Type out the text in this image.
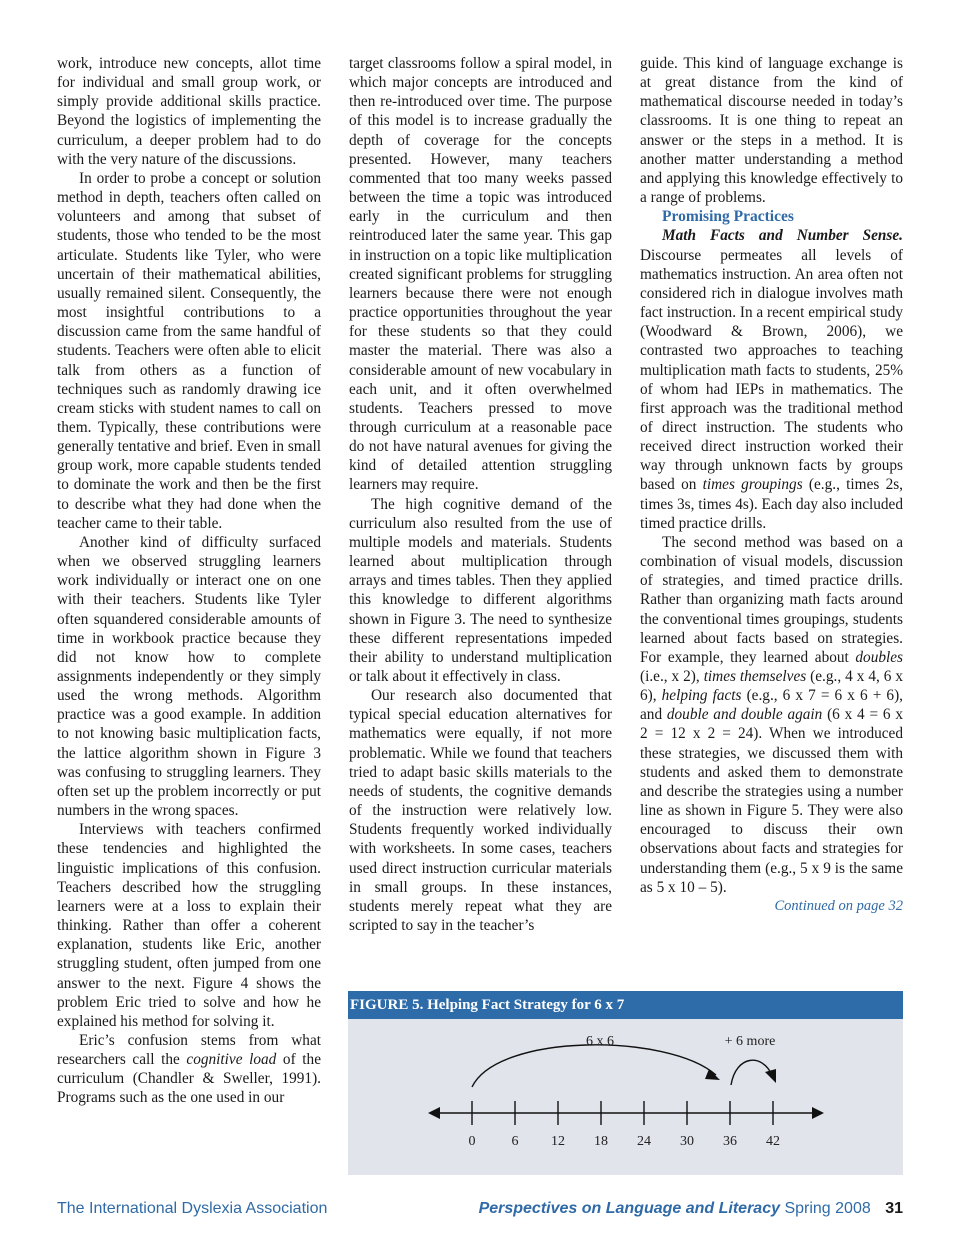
work, introduce new concepts, allot time for individual and small group work, or simply provide additional skills practice. Beyond the logistics of implementing the curriculum, a deeper problem had to do with the very nature of the discussions.

In order to probe a concept or solution method in depth, teachers often called on volunteers and among that subset of students, those who tended to be the most articulate. Students like Tyler, who were uncertain of their mathematical abilities, usually remained silent. Consequently, the most insightful contributions to a discussion came from the same handful of students. Teachers were often able to elicit talk from others as a function of techniques such as randomly drawing ice cream sticks with student names to call on them. Typically, these contributions were generally tentative and brief. Even in small group work, more capable students tended to dominate the work and then be the first to describe what they had done when the teacher came to their table.

Another kind of difficulty surfaced when we observed struggling learners work individually or interact one on one with their teachers. Students like Tyler often squandered considerable amounts of time in workbook practice because they did not know how to complete assignments independently or they simply used the wrong methods. Algorithm practice was a good example. In addition to not knowing basic multiplication facts, the lattice algorithm shown in Figure 3 was confusing to struggling learners. They often set up the problem incorrectly or put numbers in the wrong spaces.

Interviews with teachers confirmed these tendencies and highlighted the linguistic implications of this confusion. Teachers described how the struggling learners were at a loss to explain their thinking. Rather than offer a coherent explanation, students like Eric, another struggling student, often jumped from one answer to the next. Figure 4 shows the problem Eric tried to solve and how he explained his method for solving it.

Eric’s confusion stems from what researchers call the cognitive load of the curriculum (Chandler & Sweller, 1991). Programs such as the one used in our

target classrooms follow a spiral model, in which major concepts are introduced and then re-introduced over time. The purpose of this model is to increase gradually the depth of coverage for the concepts presented. However, many teachers commented that too many weeks passed between the time a topic was introduced early in the curriculum and then reintroduced later the same year. This gap in instruction on a topic like multiplication created significant problems for struggling learners because there were not enough practice opportunities throughout the year for these students so that they could master the material. There was also a considerable amount of new vocabulary in each unit, and it often overwhelmed students. Teachers pressed to move through curriculum at a reasonable pace do not have natural avenues for giving the kind of detailed attention struggling learners may require.

The high cognitive demand of the curriculum also resulted from the use of multiple models and materials. Students learned about multiplication through arrays and times tables. Then they applied this knowledge to different algorithms shown in Figure 3. The need to synthesize these different representations impeded their ability to understand multiplication or talk about it effectively in class.

Our research also documented that typical special education alternatives for mathematics were equally, if not more problematic. While we found that teachers tried to adapt basic skills materials to the needs of students, the cognitive demands of the instruction were relatively low. Students frequently worked individually with worksheets. In some cases, teachers used direct instruction curricular materials in small groups. In these instances, students merely repeat what they are scripted to say in the teacher’s

guide. This kind of language exchange is at great distance from the kind of mathematical discourse needed in today’s classrooms. It is one thing to repeat an answer or the steps in a method. It is another matter understanding a method and applying this knowledge effectively to a range of problems.

Promising Practices

Math Facts and Number Sense. Discourse permeates all levels of mathematics instruction. An area often not considered rich in dialogue involves math fact instruction. In a recent empirical study (Woodward & Brown, 2006), we contrasted two approaches to teaching multiplication math facts to students, 25% of whom had IEPs in mathematics. The first approach was the traditional method of direct instruction. The students who received direct instruction worked their way through unknown facts by groups based on times groupings (e.g., times 2s, times 3s, times 4s). Each day also included timed practice drills.

The second method was based on a combination of visual models, discussion of strategies, and timed practice drills. Rather than organizing math facts around the conventional times groupings, students learned about facts based on strategies. For example, they learned about doubles (i.e., x 2), times themselves (e.g., 4 x 4, 6 x 6), helping facts (e.g., 6 x 7 = 6 x 6 + 6), and double and double again (6 x 4 = 6 x 2 = 12 x 2 = 24). When we introduced these strategies, we discussed them with students and asked them to demonstrate and describe the strategies using a number line as shown in Figure 5. They were also encouraged to discuss their own observations about facts and strategies for understanding them (e.g., 5 x 9 is the same as 5 x 10 – 5).

Continued on page 32

FIGURE 5. Helping Fact Strategy for 6 x 7
6 x 6	+ 6 more
0	6 12 18 24 30 36 42
The International Dyslexia Association	Perspectives on Language and Literacy Spring 2008 31
